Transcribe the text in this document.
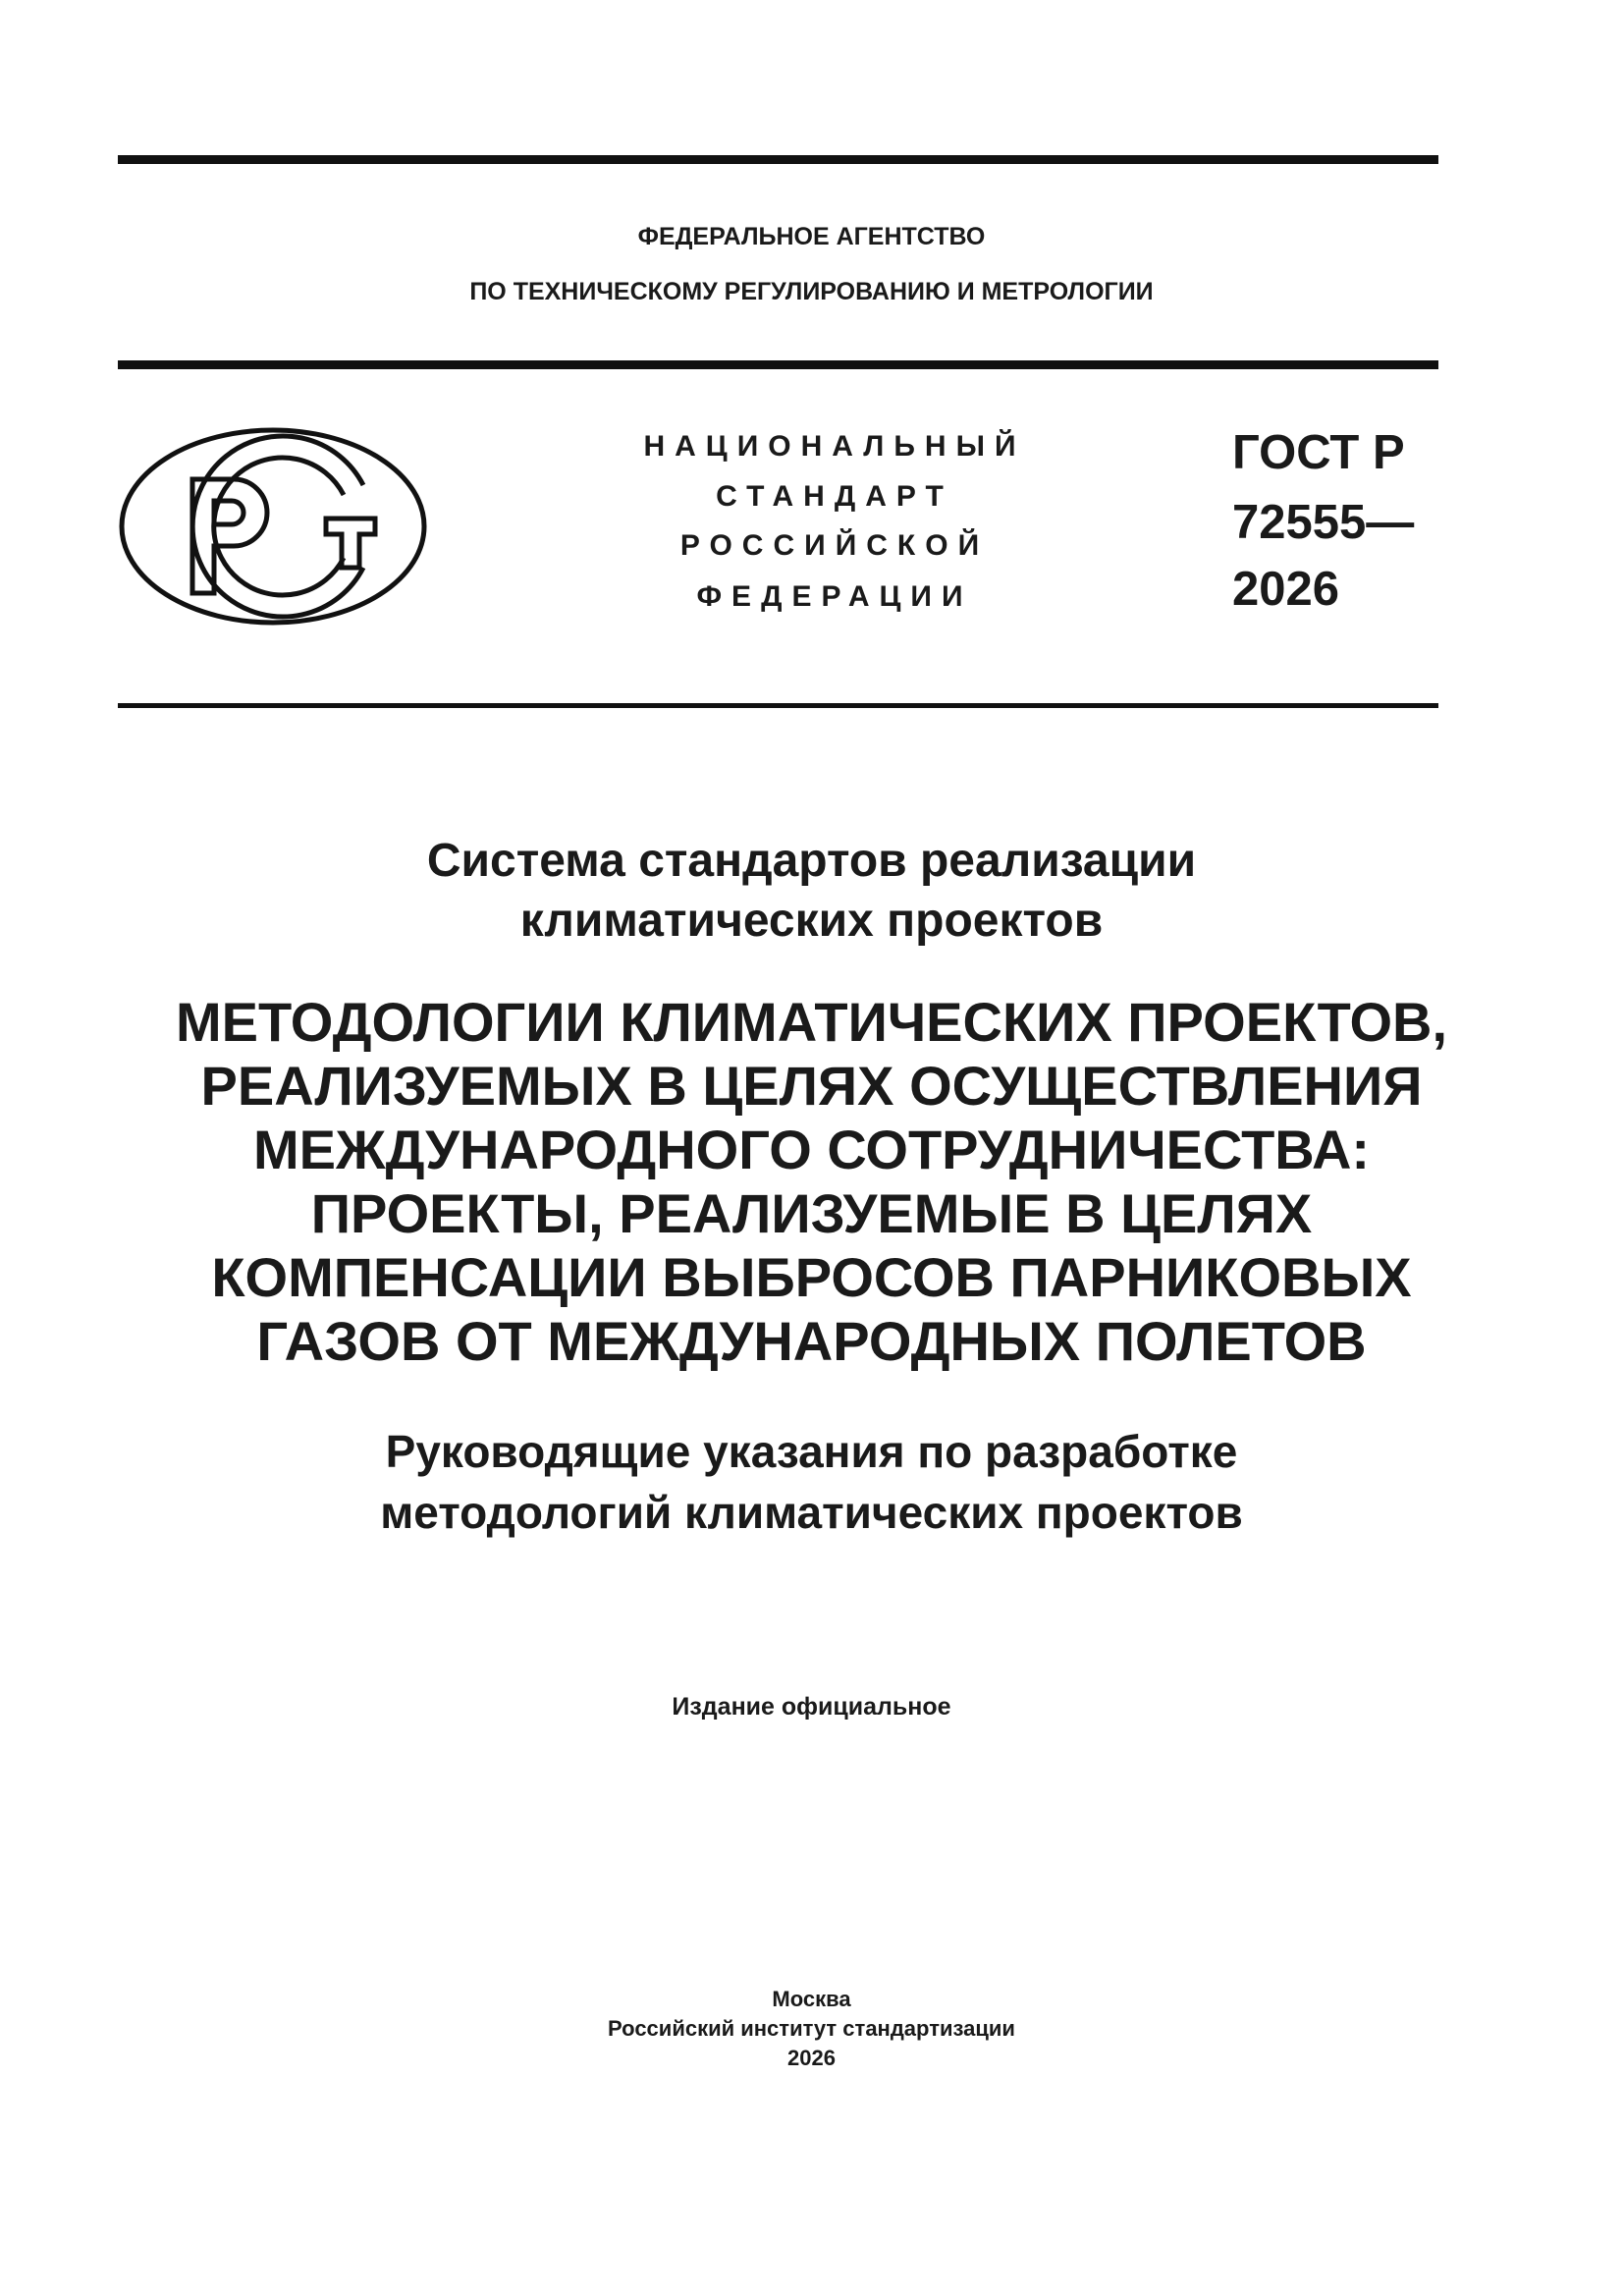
ФЕДЕРАЛЬНОЕ АГЕНТСТВО
ПО ТЕХНИЧЕСКОМУ РЕГУЛИРОВАНИЮ И МЕТРОЛОГИИ
НАЦИОНАЛЬНЫЙ
СТАНДАРТ
РОССИЙСКОЙ
ФЕДЕРАЦИИ
ГОСТ Р
72555—
2026
Система стандартов реализации
климатических проектов
МЕТОДОЛОГИИ КЛИМАТИЧЕСКИХ ПРОЕКТОВ,
РЕАЛИЗУЕМЫХ В ЦЕЛЯХ ОСУЩЕСТВЛЕНИЯ
МЕЖДУНАРОДНОГО СОТРУДНИЧЕСТВА:
ПРОЕКТЫ, РЕАЛИЗУЕМЫЕ В ЦЕЛЯХ
КОМПЕНСАЦИИ ВЫБРОСОВ ПАРНИКОВЫХ
ГАЗОВ ОТ МЕЖДУНАРОДНЫХ ПОЛЕТОВ
Руководящие указания по разработке
методологий климатических проектов
Издание официальное
Москва
Российский институт стандартизации
2026
